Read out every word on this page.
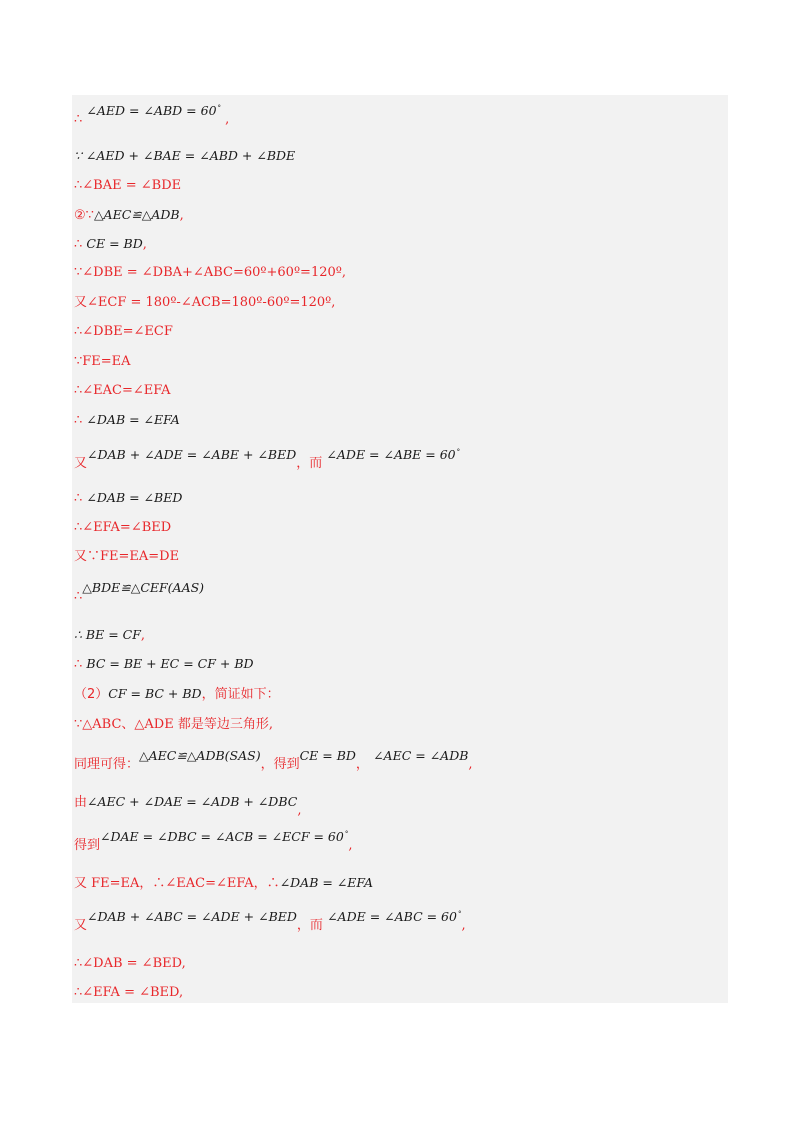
∴ ∠AED = ∠ABD = 60° ,
∵ ∠AED + ∠BAE = ∠ABD + ∠BDE
∴∠BAE = ∠BDE
②∵△AEC≌△ADB,
∴ CE = BD,
∵∠DBE = ∠DBA+∠ABC=60º+60º=120º,
又∠ECF = 180º-∠ACB=180º-60º=120º,
∴∠DBE=∠ECF
∵FE=EA
∴∠EAC=∠EFA
∴ ∠DAB = ∠EFA
又∠DAB + ∠ADE = ∠ABE + ∠BED，而 ∠ADE = ∠ABE = 60°
∴ ∠DAB = ∠BED
∴∠EFA=∠BED
又∵FE=EA=DE
∴△BDE≌△CEF(AAS)
∴ BE = CF,
∴ BC = BE + EC = CF + BD
（2）CF = BC + BD，简证如下：
∵△ABC、△ADE 都是等边三角形,
同理可得：△AEC≌△ADB(SAS)，得到CE = BD， ∠AEC = ∠ADB,
由∠AEC + ∠DAE = ∠ADB + ∠DBC,
得到∠DAE = ∠DBC = ∠ACB = ∠ECF = 60°,
又 FE=EA，∴∠EAC=∠EFA，∴∠DAB = ∠EFA
又∠DAB + ∠ABC = ∠ADE + ∠BED，而 ∠ADE = ∠ABC = 60°,
∴∠DAB = ∠BED,
∴∠EFA = ∠BED,
